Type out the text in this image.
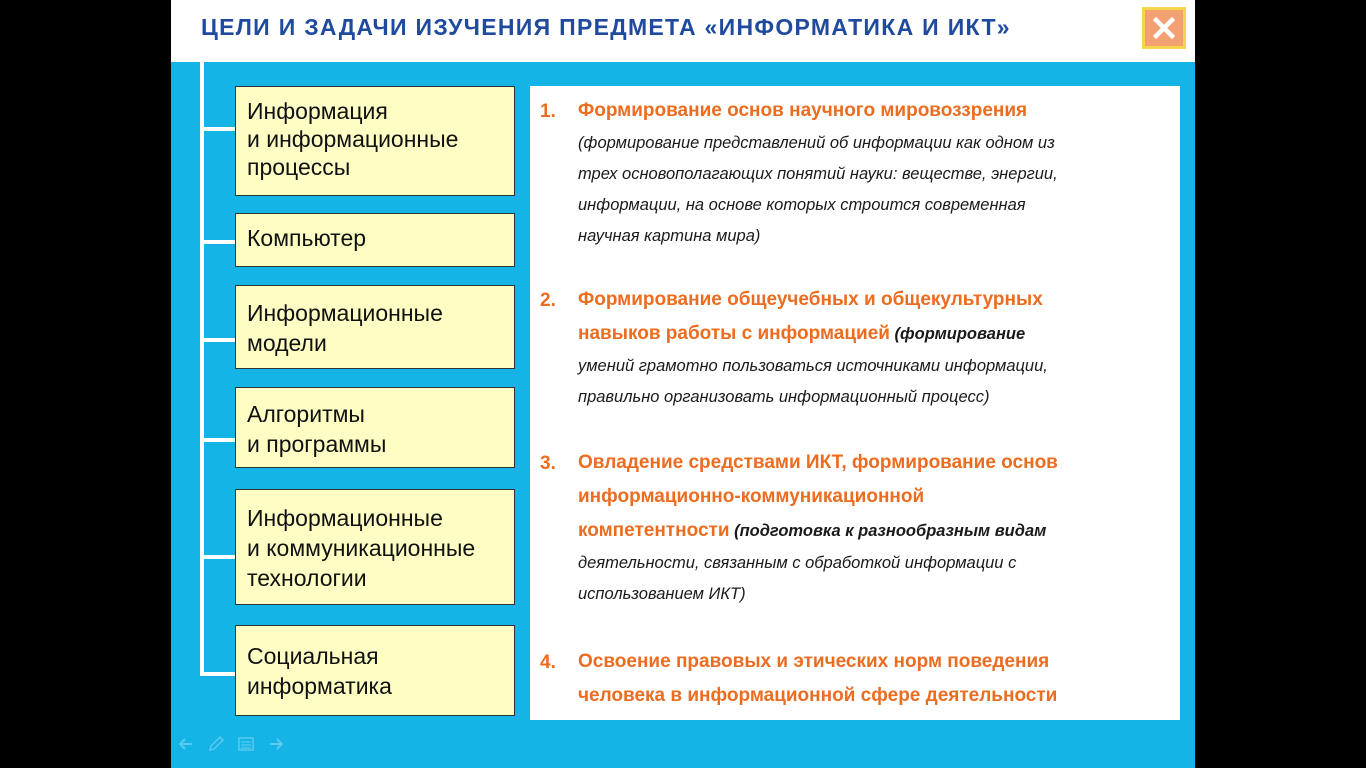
ЦЕЛИ И ЗАДАЧИ ИЗУЧЕНИЯ ПРЕДМЕТА «ИНФОРМАТИКА И ИКТ»
Информация
и информационные
процессы
Компьютер
Информационные
модели
Алгоритмы
и программы
Информационные
и коммуникационные
технологии
Социальная
информатика
1. Формирование основ научного мировоззрения
(формирование представлений об информации как одном из
трех основополагающих понятий науки: веществе, энергии,
информации, на основе которых строится современная
научная картина мира)
2. Формирование общеучебных и общекультурных
навыков работы с информацией (формирование
умений грамотно пользоваться источниками информации,
правильно организовать информационный процесс)
3. Овладение средствами ИКТ, формирование основ
информационно-коммуникационной
компетентности (подготовка к разнообразным видам
деятельности, связанным с обработкой информации с
использованием ИКТ)
4. Освоение правовых и этических норм поведения
человека в информационной сфере деятельности
